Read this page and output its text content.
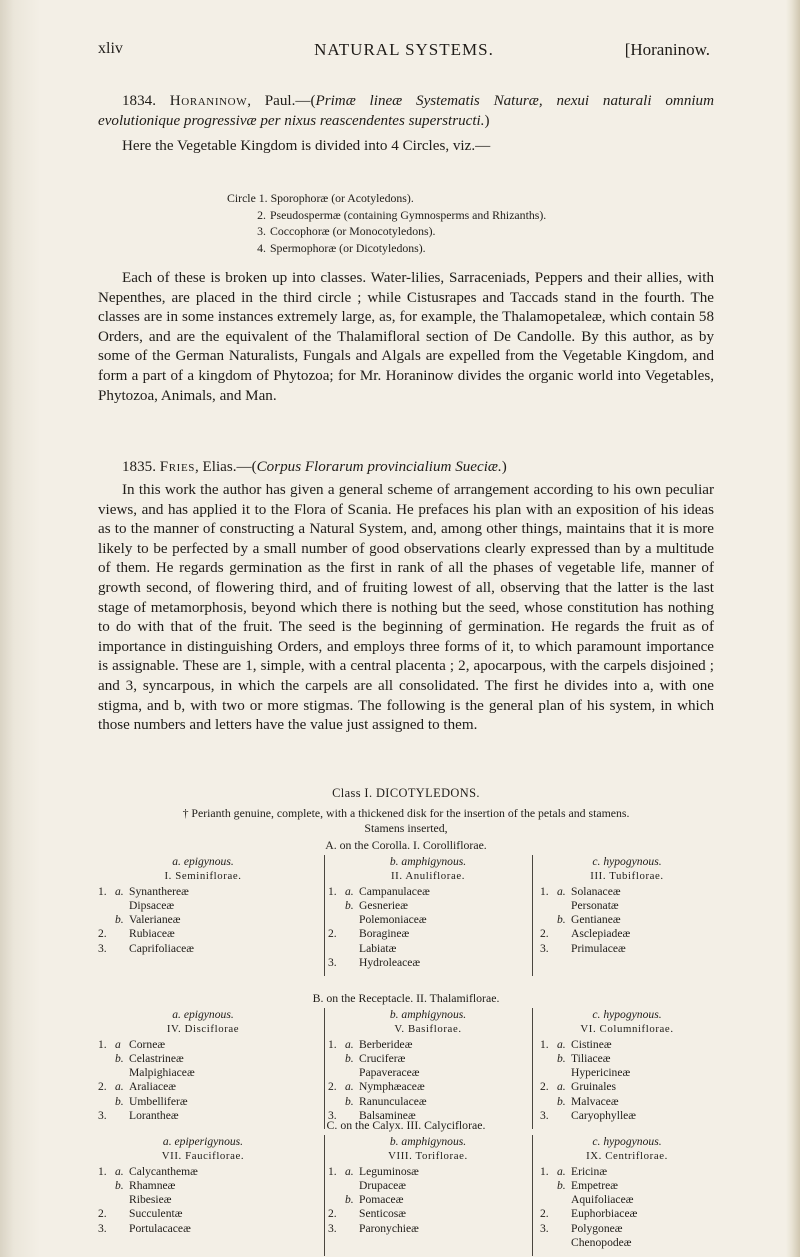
xliv	NATURAL SYSTEMS.	[Horaninow.
1834. Horaninow, Paul.—(Primæ lineæ Systematis Naturæ, nexui naturali omnium evolutionique progressivæ per nixus reascendentes superstructi.)
Here the Vegetable Kingdom is divided into 4 Circles, viz.—
Circle 1. Sporophoræ (or Acotyledons).
2.Pseudospermæ (containing Gymnosperms and Rhizanths).
3.Coccophoræ (or Monocotyledons).
4.Spermophoræ (or Dicotyledons).
Each of these is broken up into classes. Water-lilies, Sarraceniads, Peppers and their allies, with Nepenthes, are placed in the third circle ; while Cistusrapes and Taccads stand in the fourth. The classes are in some instances extremely large, as, for example, the Thalamopetaleæ, which contain 58 Orders, and are the equivalent of the Thalamifloral section of De Candolle. By this author, as by some of the German Naturalists, Fungals and Algals are expelled from the Vegetable Kingdom, and form a part of a kingdom of Phytozoa; for Mr. Horaninow divides the organic world into Vegetables, Phytozoa, Animals, and Man.
1835. Fries, Elias.—(Corpus Florarum provincialium Sueciæ.)
In this work the author has given a general scheme of arrangement according to his own peculiar views, and has applied it to the Flora of Scania. He prefaces his plan with an exposition of his ideas as to the manner of constructing a Natural System, and, among other things, maintains that it is more likely to be perfected by a small number of good observations clearly expressed than by a multitude of them. He regards germination as the first in rank of all the phases of vegetable life, manner of growth second, of flowering third, and of fruiting lowest of all, observing that the latter is the last stage of metamorphosis, beyond which there is nothing but the seed, whose constitution has nothing to do with that of the fruit. The seed is the beginning of germination. He regards the fruit as of importance in distinguishing Orders, and employs three forms of it, to which paramount importance is assignable. These are 1, simple, with a central placenta ; 2, apocarpous, with the carpels disjoined ; and 3, syncarpous, in which the carpels are all consolidated. The first he divides into a, with one stigma, and b, with two or more stigmas. The following is the general plan of his system, in which those numbers and letters have the value just assigned to them.
Class I. DICOTYLEDONS.
† Perianth genuine, complete, with a thickened disk for the insertion of the petals and stamens.
Stamens inserted,
A. on the Corolla. I. Corolliflorae.
a. epigynous.
I. Seminiflorae.
1. a. Synanthereæ
Dipsaceæ
b. Valerianeæ
2. Rubiaceæ
3. Caprifoliaceæ
b. amphigynous.
II. Anuliflorae.
1. a. Campanulaceæ
b. Gesnerieæ
Polemoniaceæ
2. Boragineæ
Labiatæ
3. Hydroleaceæ
c. hypogynous.
III. Tubiflorae.
1. a. Solanaceæ
Personatæ
b. Gentianeæ
2. Asclepiadeæ
3. Primulaceæ
B. on the Receptacle. II. Thalamiflorae.
a. epigynous.
IV. Disciflorae
1. a Corneæ
b. Celastrineæ
Malpighiaceæ
2. a. Araliaceæ
b. Umbelliferæ
3. Loranthеæ
b. amphigynous.
V. Basiflorae.
1. a. Berberideæ
b. Cruciferæ
Papaveraceæ
2. a. Nymphæaceæ
b. Ranunculaceæ
3. Balsamineæ
c. hypogynous.
VI. Columniflorae.
1. a. Cistineæ
b. Tiliaceæ
Hypericineæ
2. a. Gruinales
b. Malvaceæ
3. Caryophylleæ
C. on the Calyx. III. Calyciflorae.
a. epiperigynous.
VII. Fauciflorae.
1. a. Calycanthemæ
b. Rhamneæ
Ribesieæ
2. Succulentæ
3. Portulacaceæ
b. amphigynous.
VIII. Toriflorae.
1. a. Leguminosæ
Drupaceæ
b. Pomaceæ
2. Senticosæ
3. Paronychieæ
c. hypogynous.
IX. Centriflorae.
1. a. Ericinæ
b. Empetreæ
Aquifoliaceæ
2. Euphorbiaceæ
3. Polygoneæ
Chenopodeæ
